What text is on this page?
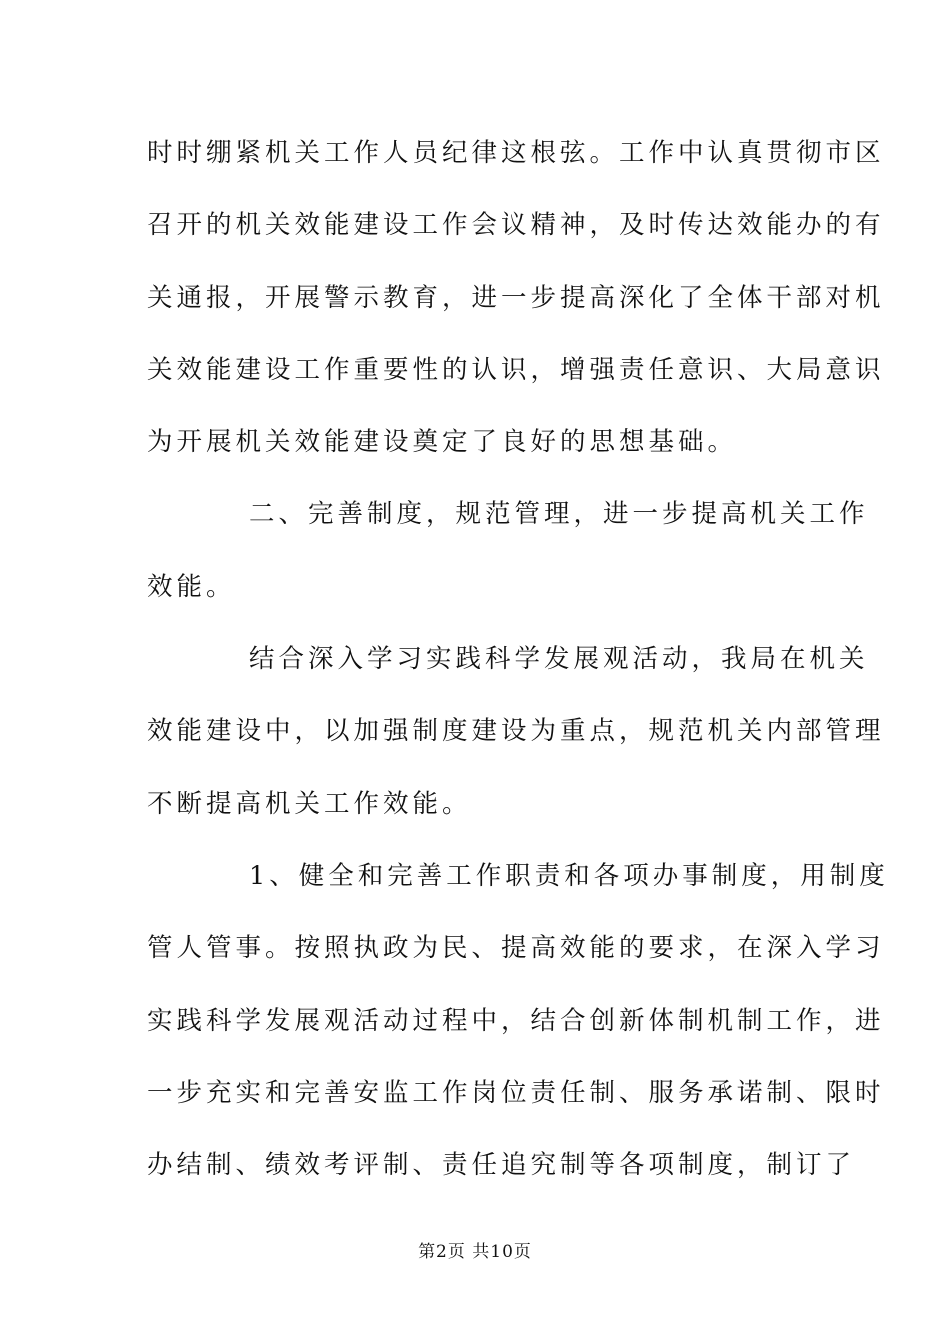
时时绷紧机关工作人员纪律这根弦。工作中认真贯彻市区
召开的机关效能建设工作会议精神，及时传达效能办的有
关通报，开展警示教育，进一步提高深化了全体干部对机
关效能建设工作重要性的认识，增强责任意识、大局意识
为开展机关效能建设奠定了良好的思想基础。
二、完善制度，规范管理，进一步提高机关工作
效能。
结合深入学习实践科学发展观活动，我局在机关
效能建设中，以加强制度建设为重点，规范机关内部管理
不断提高机关工作效能。
1、健全和完善工作职责和各项办事制度，用制度
管人管事。按照执政为民、提高效能的要求，在深入学习
实践科学发展观活动过程中，结合创新体制机制工作，进
一步充实和完善安监工作岗位责任制、服务承诺制、限时
办结制、绩效考评制、责任追究制等各项制度，制订了
第2页 共10页
